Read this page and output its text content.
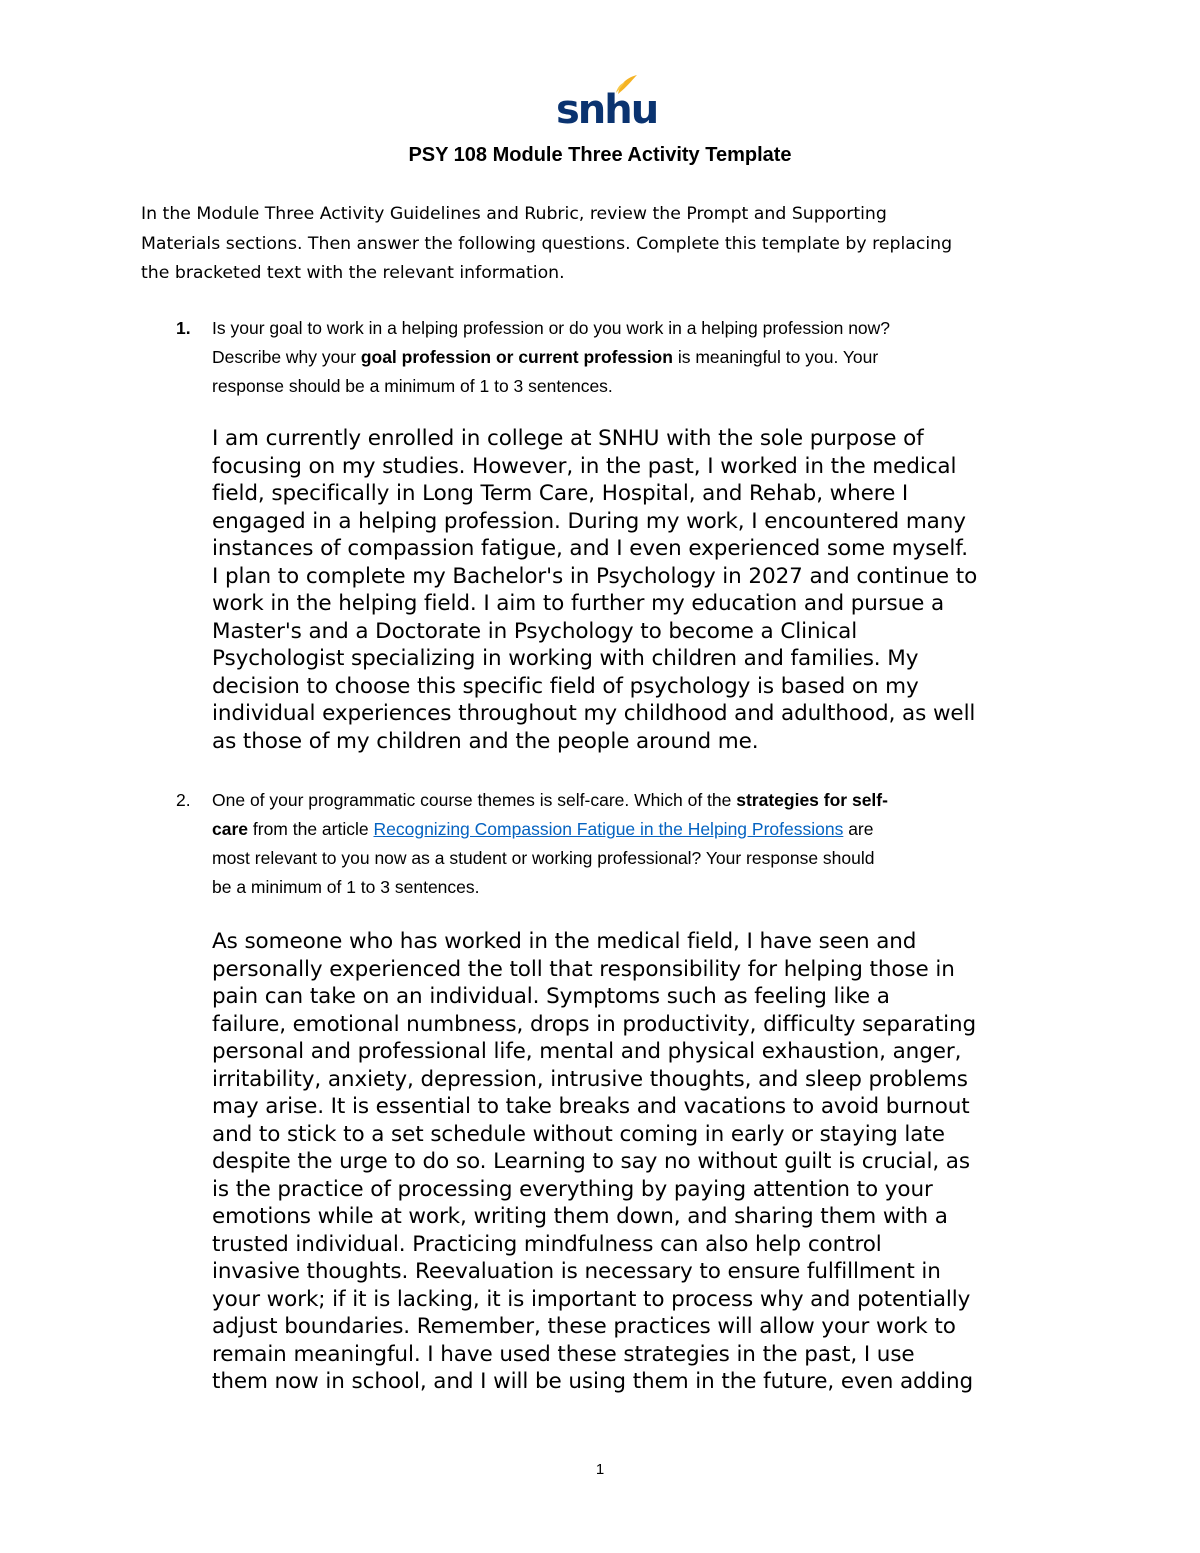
snhu
PSY 108 Module Three Activity Template

In the Module Three Activity Guidelines and Rubric, review the Prompt and Supporting
Materials sections. Then answer the following questions. Complete this template by replacing
the bracketed text with the relevant information.

1. Is your goal to work in a helping profession or do you work in a helping profession now?
Describe why your goal profession or current profession is meaningful to you. Your
response should be a minimum of 1 to 3 sentences.

I am currently enrolled in college at SNHU with the sole purpose of
focusing on my studies. However, in the past, I worked in the medical
field, specifically in Long Term Care, Hospital, and Rehab, where I
engaged in a helping profession. During my work, I encountered many
instances of compassion fatigue, and I even experienced some myself.
I plan to complete my Bachelor's in Psychology in 2027 and continue to
work in the helping field. I aim to further my education and pursue a
Master's and a Doctorate in Psychology to become a Clinical
Psychologist specializing in working with children and families. My
decision to choose this specific field of psychology is based on my
individual experiences throughout my childhood and adulthood, as well
as those of my children and the people around me.

2. One of your programmatic course themes is self-care. Which of the strategies for self-
care from the article Recognizing Compassion Fatigue in the Helping Professions are
most relevant to you now as a student or working professional? Your response should
be a minimum of 1 to 3 sentences.

As someone who has worked in the medical field, I have seen and
personally experienced the toll that responsibility for helping those in
pain can take on an individual. Symptoms such as feeling like a
failure, emotional numbness, drops in productivity, difficulty separating
personal and professional life, mental and physical exhaustion, anger,
irritability, anxiety, depression, intrusive thoughts, and sleep problems
may arise. It is essential to take breaks and vacations to avoid burnout
and to stick to a set schedule without coming in early or staying late
despite the urge to do so. Learning to say no without guilt is crucial, as
is the practice of processing everything by paying attention to your
emotions while at work, writing them down, and sharing them with a
trusted individual. Practicing mindfulness can also help control
invasive thoughts. Reevaluation is necessary to ensure fulfillment in
your work; if it is lacking, it is important to process why and potentially
adjust boundaries. Remember, these practices will allow your work to
remain meaningful. I have used these strategies in the past, I use
them now in school, and I will be using them in the future, even adding

1
